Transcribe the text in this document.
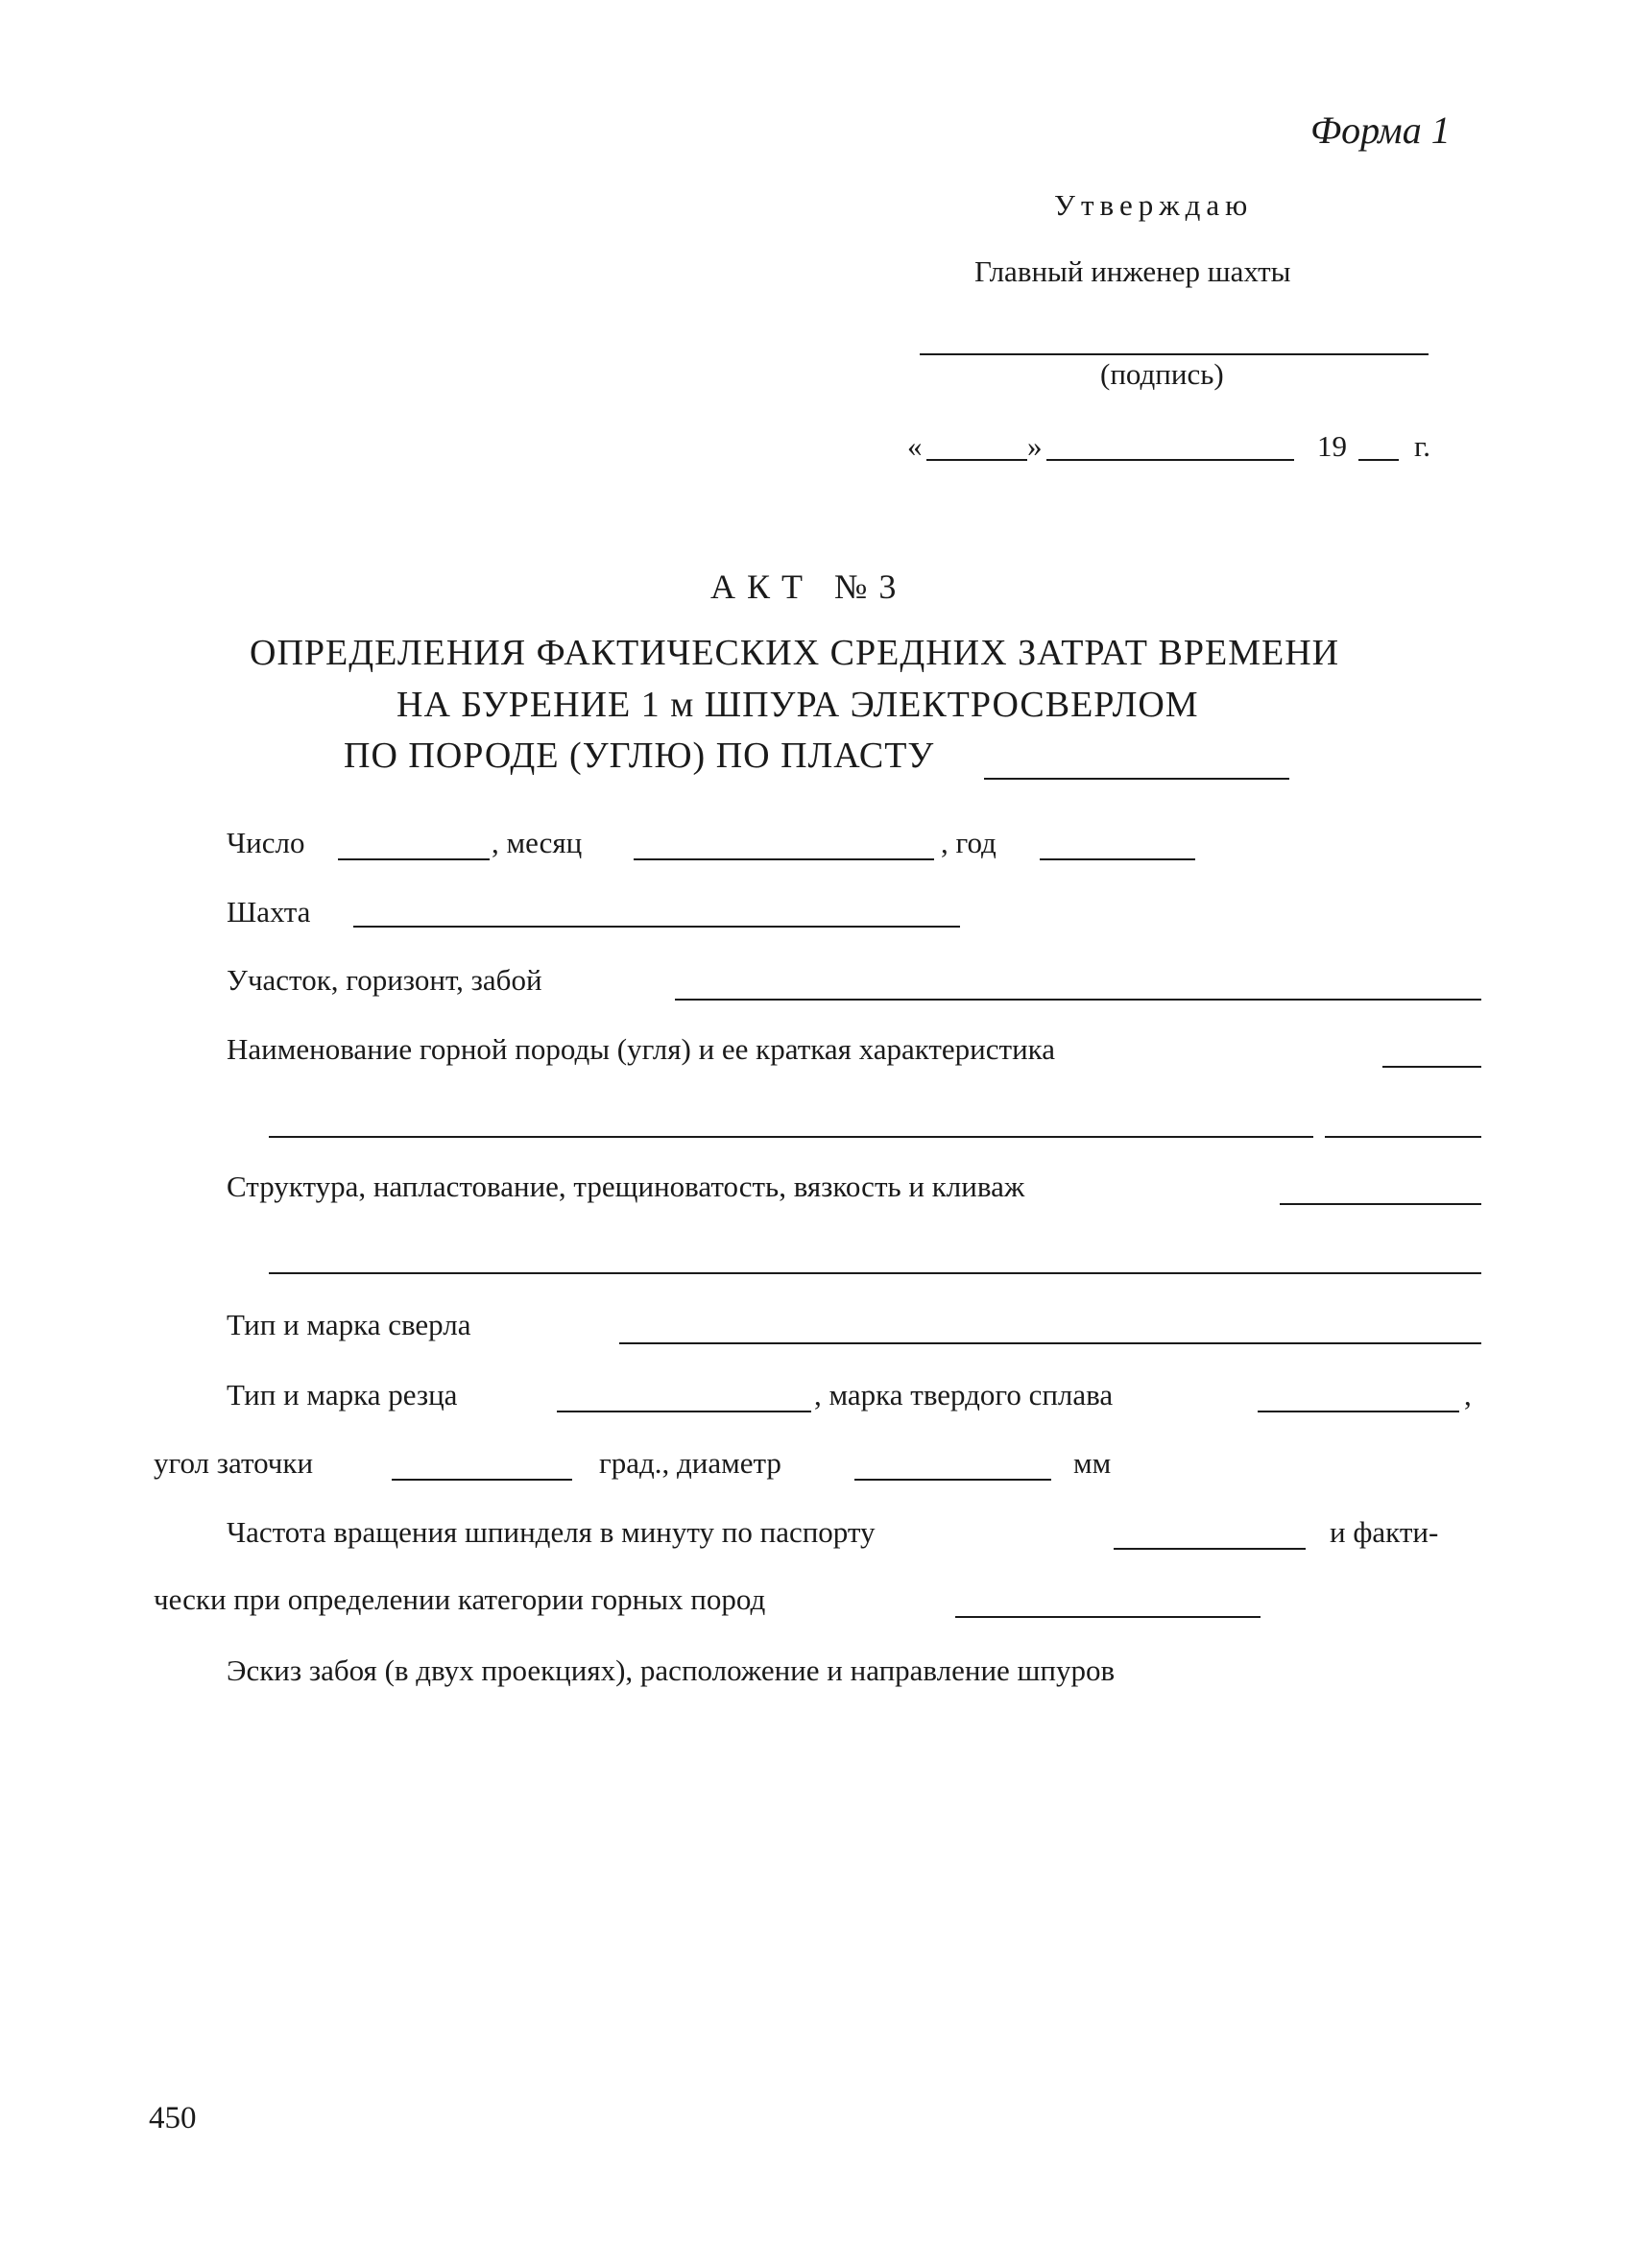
Форма 1
Утверждаю
Главный инженер шахты
(подпись)
«	»	19 г.
АКТ №3
ОПРЕДЕЛЕНИЯ ФАКТИЧЕСКИХ СРЕДНИХ ЗАТРАТ ВРЕМЕНИ
НА БУРЕНИЕ 1 м ШПУРА ЭЛЕКТРОСВЕРЛОМ
ПО ПОРОДЕ (УГЛЮ) ПО ПЛАСТУ
Число	, месяц	, год
Шахта
Участок, горизонт, забой
Наименование горной породы (угля) и ее краткая характеристика
Структура, напластование, трещиноватость, вязкость и кливаж
Тип и марка сверла
Тип и марка резца	, марка твердого сплава	,
угол заточки	град., диаметр	мм
Частота вращения шпинделя в минуту по паспорту	и факти-
чески при определении категории горных пород
Эскиз забоя (в двух проекциях), расположение и направление шпуров
450
